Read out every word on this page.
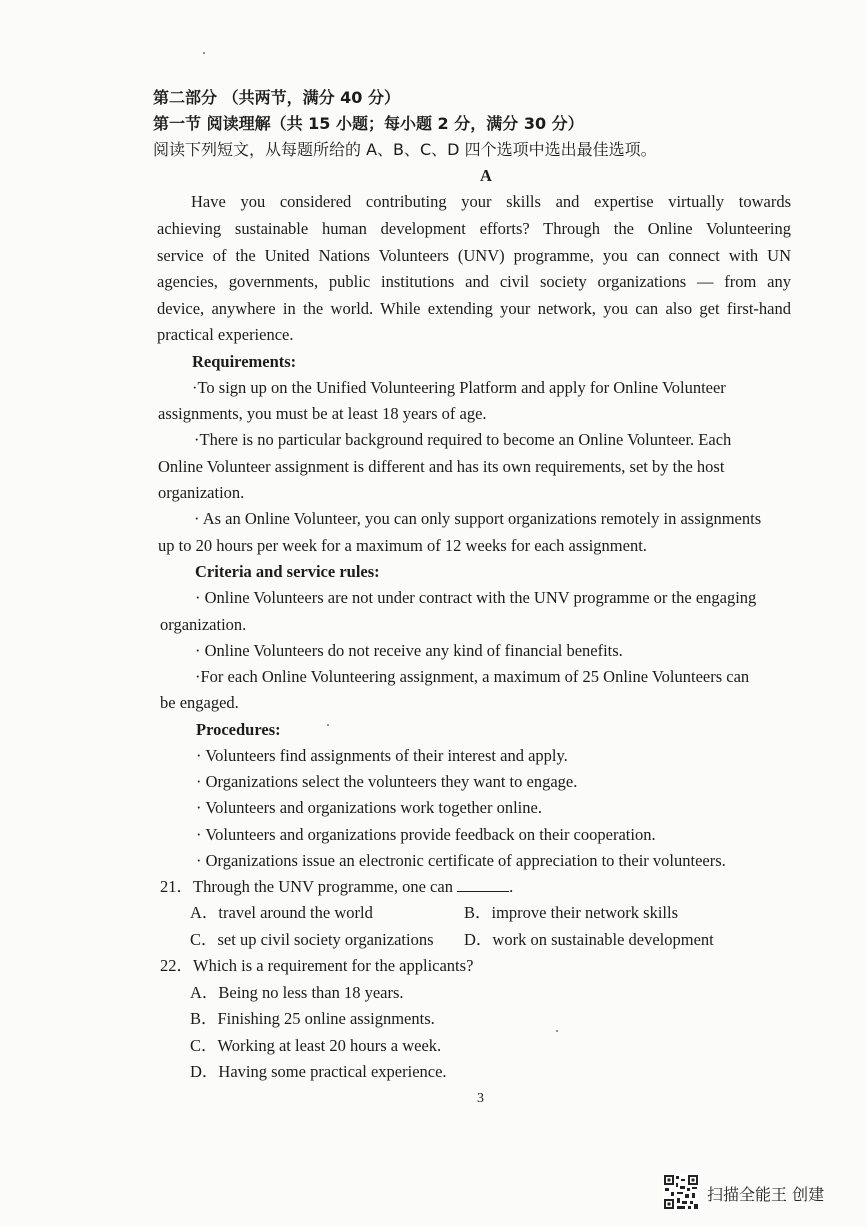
第二部分 （共两节，满分 40 分）
第一节 阅读理解（共 15 小题；每小题 2 分，满分 30 分）
阅读下列短文，从每题所给的 A、B、C、D 四个选项中选出最佳选项。
A
Have you considered contributing your skills and expertise virtually towards
achieving sustainable human development efforts? Through the Online Volunteering
service of the United Nations Volunteers (UNV) programme, you can connect with UN
agencies, governments, public institutions and civil society organizations — from any
device, anywhere in the world. While extending your network, you can also get first-hand
practical experience.
Requirements:
·To sign up on the Unified Volunteering Platform and apply for Online Volunteer
assignments, you must be at least 18 years of age.
·There is no particular background required to become an Online Volunteer. Each
Online Volunteer assignment is different and has its own requirements, set by the host
organization.
· As an Online Volunteer, you can only support organizations remotely in assignments
up to 20 hours per week for a maximum of 12 weeks for each assignment.
Criteria and service rules:
· Online Volunteers are not under contract with the UNV programme or the engaging
organization.
· Online Volunteers do not receive any kind of financial benefits.
·For each Online Volunteering assignment, a maximum of 25 Online Volunteers can
be engaged.
Procedures:
· Volunteers find assignments of their interest and apply.
· Organizations select the volunteers they want to engage.
· Volunteers and organizations work together online.
· Volunteers and organizations provide feedback on their cooperation.
· Organizations issue an electronic certificate of appreciation to their volunteers.
21．Through the UNV programme, one can	.
A．travel around the world	B．improve their network skills
C．set up civil society organizations D．work on sustainable development
22．Which is a requirement for the applicants?
A．Being no less than 18 years.
B．Finishing 25 online assignments.
C．Working at least 20 hours a week.
D．Having some practical experience.
3
扫描全能王 创建
